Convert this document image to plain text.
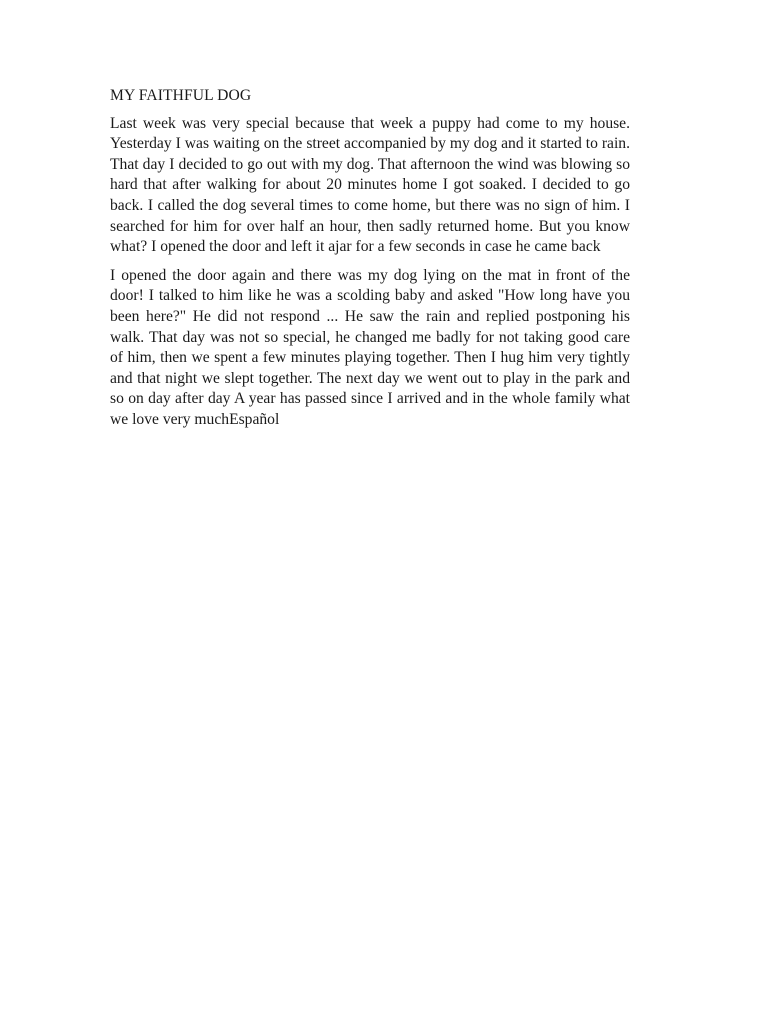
MY FAITHFUL DOG

Last week was very special because that week a puppy had come to my house. Yesterday I was waiting on the street accompanied by my dog and it started to rain. That day I decided to go out with my dog. That afternoon the wind was blowing so hard that after walking for about 20 minutes home I got soaked. I decided to go back. I called the dog several times to come home, but there was no sign of him. I searched for him for over half an hour, then sadly returned home. But you know what? I opened the door and left it ajar for a few seconds in case he came back

I opened the door again and there was my dog lying on the mat in front of the door! I talked to him like he was a scolding baby and asked "How long have you been here?" He did not respond ... He saw the rain and replied postponing his walk. That day was not so special, he changed me badly for not taking good care of him, then we spent a few minutes playing together. Then I hug him very tightly and that night we slept together. The next day we went out to play in the park and so on day after day A year has passed since I arrived and in the whole family what we love very muchEspañol
